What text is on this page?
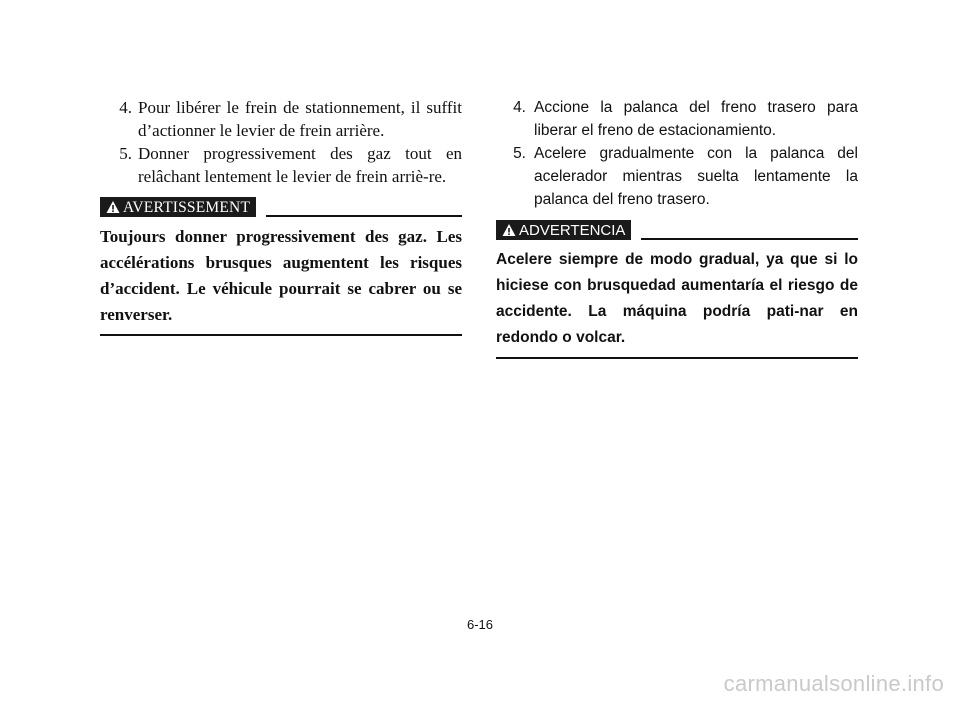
4. Pour libérer le frein de stationnement, il suffit d’actionner le levier de frein arrière.
5. Donner progressivement des gaz tout en relâchant lentement le levier de frein arriè-re.
AVERTISSEMENT

Toujours donner progressivement des gaz. Les accélérations brusques augmentent les risques d’accident. Le véhicule pourrait se cabrer ou se renverser.

4. Accione la palanca del freno trasero para liberar el freno de estacionamiento.
5. Acelere gradualmente con la palanca del acelerador mientras suelta lentamente la palanca del freno trasero.
ADVERTENCIA

Acelere siempre de modo gradual, ya que si lo hiciese con brusquedad aumentaría el riesgo de accidente. La máquina podría pati-nar en redondo o volcar.

6-16
carmanualsonline.info
